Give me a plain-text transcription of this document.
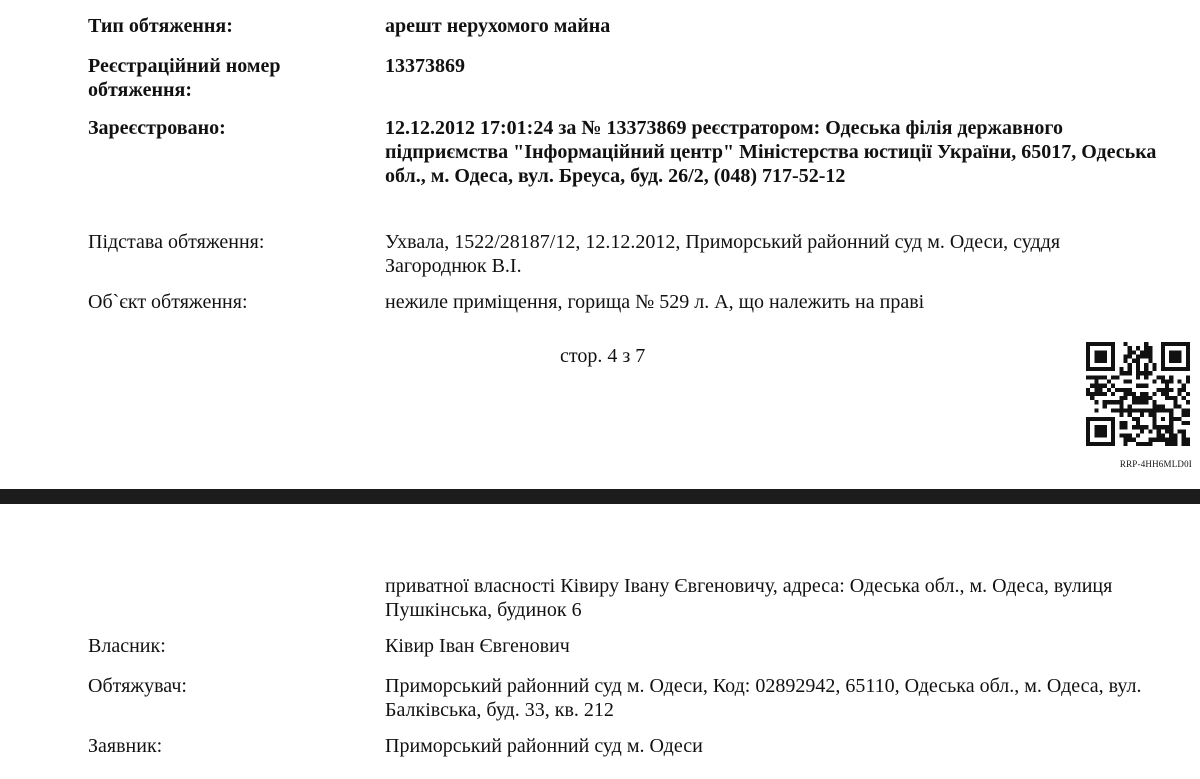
Тип обтяження:	арешт нерухомого майна
Реєстраційний номер обтяження:
13373869
Зареєстровано:	12.12.2012 17:01:24 за № 13373869 реєстратором: Одеська філія державного підприємства "Інформаційний центр" Міністерства юстиції України, 65017, Одеська обл., м. Одеса, вул. Бреуса, буд. 26/2, (048) 717-52-12
Підстава обтяження:	Ухвала, 1522/28187/12, 12.12.2012, Приморський районний суд м. Одеси, суддя Загороднюк В.І.
Об`єкт обтяження:	нежиле приміщення, горища № 529 л. А, що належить на праві
стор. 4 з 7
RRP-4HH6MLD0I
приватної власності Ківиру Івану Євгеновичу, адреса: Одеська обл., м. Одеса, вулиця Пушкінська, будинок 6
Власник:	Ківир Іван Євгенович
Обтяжувач:	Приморський районний суд м. Одеси, Код: 02892942, 65110, Одеська обл., м. Одеса, вул. Балківська, буд. 33, кв. 212
Заявник:	Приморський районний суд м. Одеси
